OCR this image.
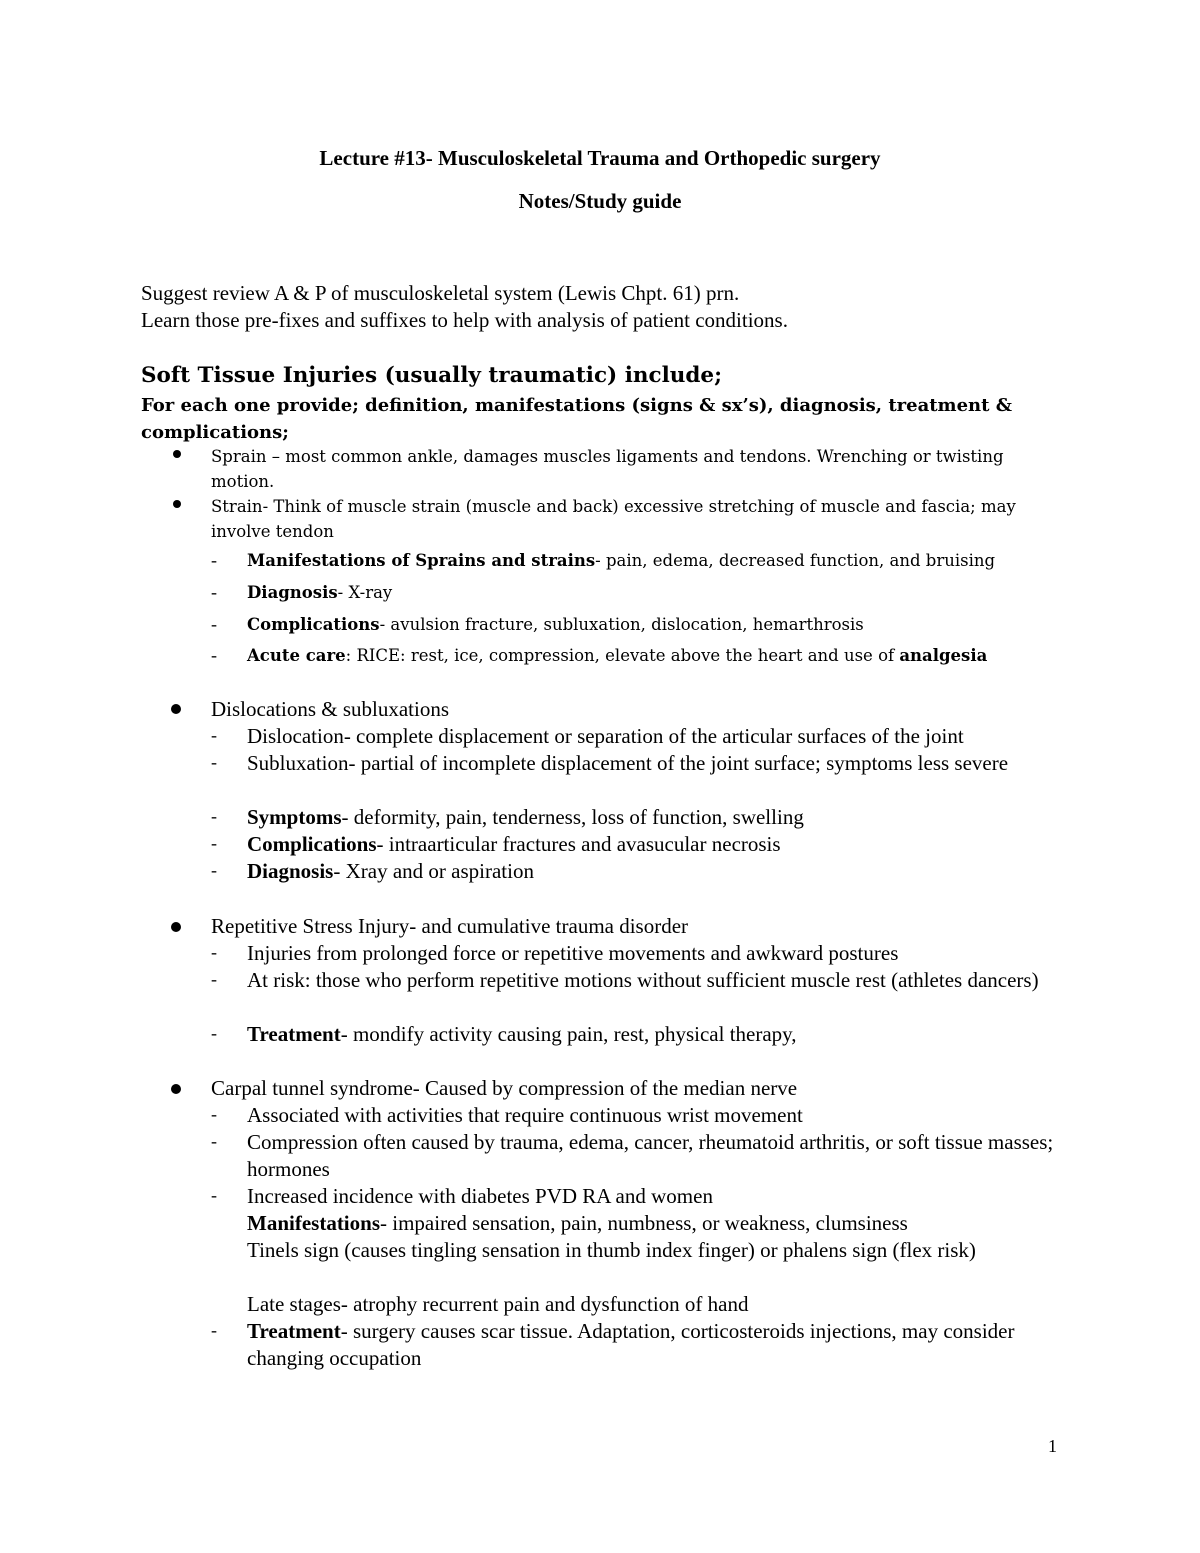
Lecture #13- Musculoskeletal Trauma and Orthopedic surgery
Notes/Study guide
Suggest review A & P of musculoskeletal system (Lewis Chpt. 61) prn.
Learn those pre-fixes and suffixes to help with analysis of patient conditions.
Soft Tissue Injuries (usually traumatic) include;
For each one provide; definition, manifestations (signs & sx’s), diagnosis, treatment & complications;
Sprain – most common ankle, damages muscles ligaments and tendons. Wrenching or twisting motion.
Strain- Think of muscle strain (muscle and back) excessive stretching of muscle and fascia; may involve tendon
- Manifestations of Sprains and strains- pain, edema, decreased function, and bruising
- Diagnosis- X-ray
- Complications- avulsion fracture, subluxation, dislocation, hemarthrosis
- Acute care: RICE: rest, ice, compression, elevate above the heart and use of analgesia
Dislocations & subluxations
- Dislocation- complete displacement or separation of the articular surfaces of the joint
- Subluxation- partial of incomplete displacement of the joint surface; symptoms less severe
- Symptoms- deformity, pain, tenderness, loss of function, swelling
- Complications- intraarticular fractures and avasucular necrosis
- Diagnosis- Xray and or aspiration
Repetitive Stress Injury- and cumulative trauma disorder
- Injuries from prolonged force or repetitive movements and awkward postures
- At risk: those who perform repetitive motions without sufficient muscle rest (athletes dancers)
- Treatment- mondify activity causing pain, rest, physical therapy,
Carpal tunnel syndrome- Caused by compression of the median nerve
- Associated with activities that require continuous wrist movement
- Compression often caused by trauma, edema, cancer, rheumatoid arthritis, or soft tissue masses; hormones
- Increased incidence with diabetes PVD RA and women
Manifestations- impaired sensation, pain, numbness, or weakness, clumsiness
Tinels sign (causes tingling sensation in thumb index finger) or phalens sign (flex risk)
Late stages- atrophy recurrent pain and dysfunction of hand
- Treatment- surgery causes scar tissue. Adaptation, corticosteroids injections, may consider changing occupation
1
